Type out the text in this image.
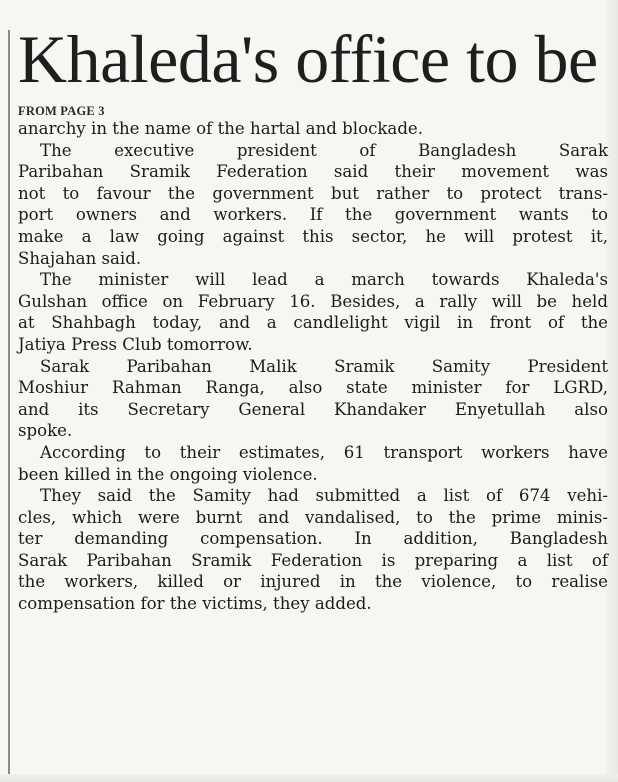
Khaleda's office to be
FROM PAGE 3
anarchy in the name of the hartal and blockade.
The executive president of Bangladesh Sarak
Paribahan Sramik Federation said their movement was
not to favour the government but rather to protect trans-
port owners and workers. If the government wants to
make a law going against this sector, he will protest it,
Shajahan said.
The minister will lead a march towards Khaleda's
Gulshan office on February 16. Besides, a rally will be held
at Shahbagh today, and a candlelight vigil in front of the
Jatiya Press Club tomorrow.
Sarak Paribahan Malik Sramik Samity President
Moshiur Rahman Ranga, also state minister for LGRD,
and its Secretary General Khandaker Enyetullah also
spoke.
According to their estimates, 61 transport workers have
been killed in the ongoing violence.
They said the Samity had submitted a list of 674 vehi-
cles, which were burnt and vandalised, to the prime minis-
ter demanding compensation. In addition, Bangladesh
Sarak Paribahan Sramik Federation is preparing a list of
the workers, killed or injured in the violence, to realise
compensation for the victims, they added.
